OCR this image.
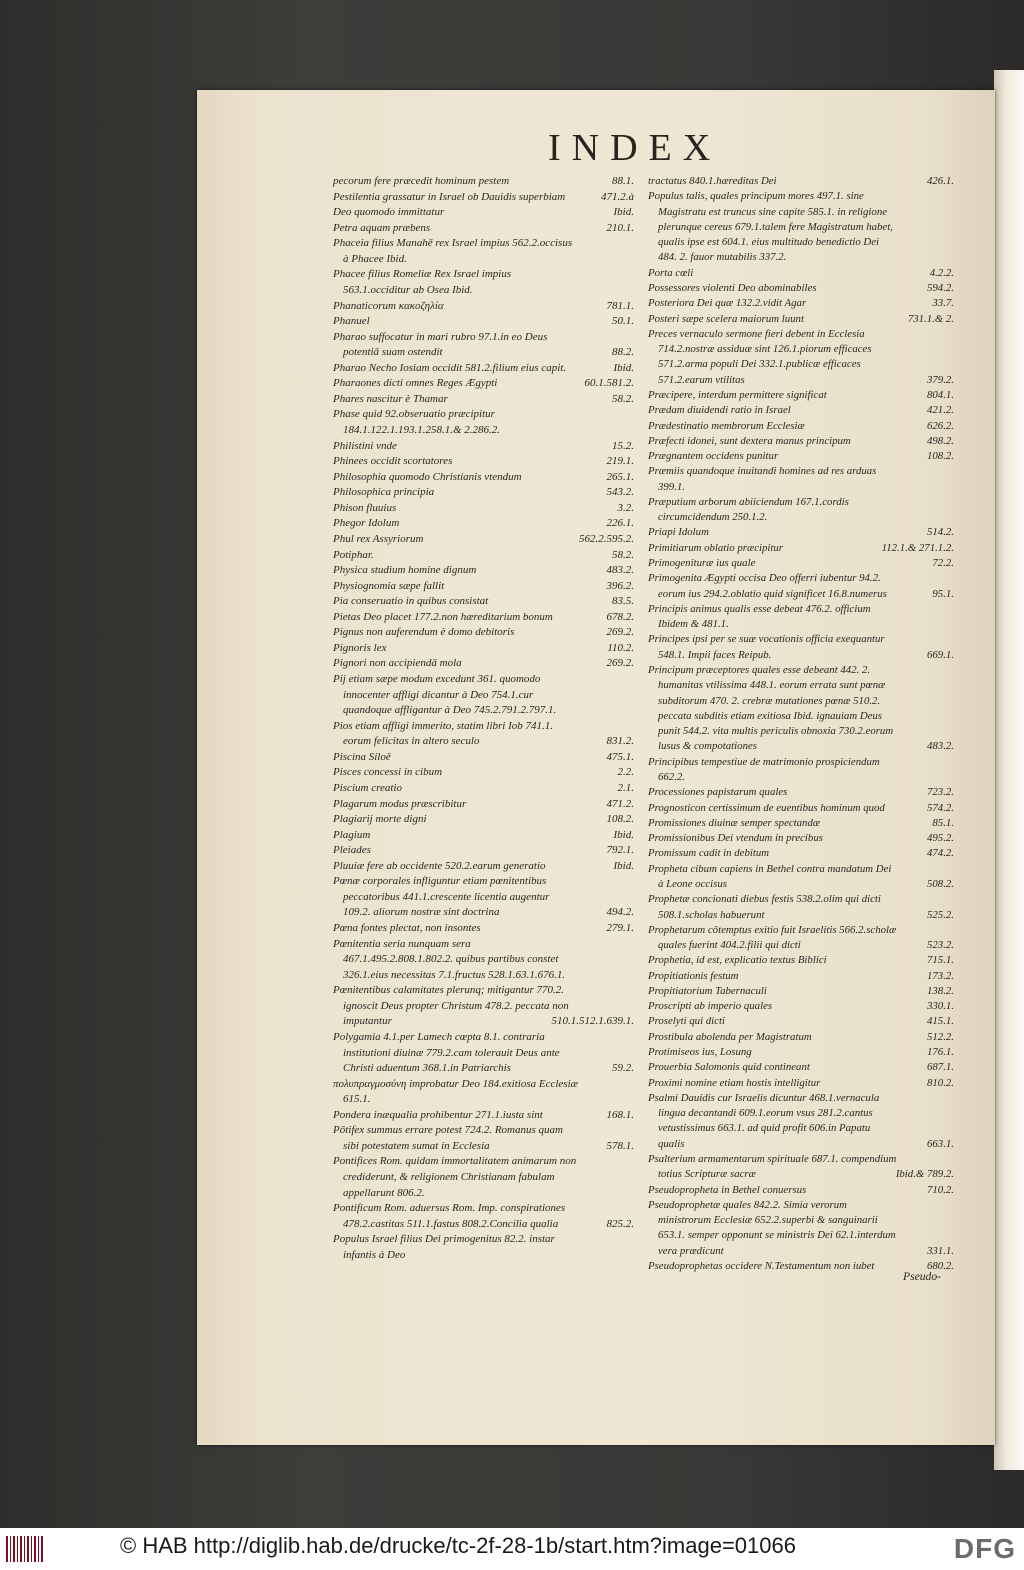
INDEX

pecorum fere præcedit hominum pestem	88.1.

Pestilentia grassatur in Israel ob Dauidis superbiam	471.2.à

Deo quomodo immittatur	Ibid.

Petra aquam præbens	210.1.

Phaceia filius Manahē rex Israel impius 562.2.occisus à Phacee Ibid.

Phacee filius Romeliæ Rex Israel impius 563.1.occiditur ab Osea Ibid.

Phanaticorum κακοζηλία	781.1.

Phanuel	50.1.

Pharao suffocatur in mari rubro 97.1.in eo Deus potentiā suam ostendit	88.2.

Pharao Necho Iosiam occidit 581.2.filium eius capit.	Ibid.

Pharaones dicti omnes Reges Ægypti	60.1.581.2.

Phares nascitur è Thamar	58.2.

Phase quid 92.obseruatio præcipitur 184.1.122.1.193.1.258.1.& 2.286.2.

Philistini vnde	15.2.

Phinees occidit scortatores	219.1.

Philosophia quomodo Christianis vtendum	265.1.

Philosophica principia	543.2.

Phison fluuius	3.2.

Phegor Idolum	226.1.

Phul rex Assyriorum	562.2.595.2.

Potiphar.	58.2.

Physica studium homine dignum	483.2.

Physiognomia sæpe fallit	396.2.

Pia conseruatio in quibus consistat	83.5.

Pietas Deo placet 177.2.non hæreditarium bonum	678.2.

Pignus non auferendum è domo debitoris	269.2.

Pignoris lex	110.2.

Pignori non accipiendā mola	269.2.

Pij etiam sæpe modum excedunt 361. quomodo innocenter affligi dicantur à Deo 754.1.cur quandoque affligantur à Deo 745.2.791.2.797.1.

Pios etiam affligi immerito, statim libri Iob 741.1. eorum felicitas in altero seculo	831.2.

Piscina Siloē	475.1.

Pisces concessi in cibum	2.2.

Piscium creatio	2.1.

Plagarum modus præscribitur	471.2.

Plagiarij morte digni	108.2.

Plagium	Ibid.

Pleiades	792.1.

Pluuiæ fere ab occidente 520.2.earum generatio	Ibid.

Pœnæ corporales infliguntur etiam pœnitentibus peccatoribus 441.1.crescente licentia augentur 109.2. aliorum nostræ sint doctrina	494.2.

Pœna fontes plectat, non insontes	279.1.

Pœnitentia seria nunquam sera 467.1.495.2.808.1.802.2. quibus partibus constet 326.1.eius necessitas 7.1.fructus 528.1.63.1.676.1.

Pœnitentibus calamitates plerunq; mitigantur 770.2. ignoscit Deus propter Christum 478.2. peccata non imputantur	510.1.512.1.639.1.

Polygamia 4.1.per Lamech cœpta 8.1. contraria institutioni diuinæ 779.2.cam tolerauit Deus ante Christi aduentum 368.1.in Patriarchis	59.2.

πολυπραγμοσύνη improbatur Deo 184.exitiosa Ecclesiæ 615.1.

Pondera inæqualia prohibentur 271.1.iusta sint	168.1.

Pōtifex summus errare potest 724.2. Romanus quam sibi potestatem sumat in Ecclesia	578.1.

Pontifices Rom. quidam immortalitatem animarum non crediderunt, & religionem Christianam fabulam appellarunt 806.2.

Pontificum Rom. aduersus Rom. Imp. conspirationes 478.2.castitas 511.1.fastus 808.2.Concilia qualia	825.2.

Populus Israel filius Dei primogenitus 82.2. instar infantis à Deo

tractatus 840.1.hæreditas Dei	426.1.

Populus talis, quales principum mores 497.1. sine Magistratu est truncus sine capite 585.1. in religione plerunque cereus 679.1.talem fere Magistratum habet, qualis ipse est 604.1. eius multitudo benedictio Dei 484. 2. fauor mutabilis 337.2.

Porta cœli	4.2.2.

Possessores violenti Deo abominabiles	594.2.

Posteriora Dei quæ 132.2.vidit Agar	33.7.

Posteri sæpe scelera maiorum luunt	731.1.& 2.

Preces vernaculo sermone fieri debent in Ecclesia 714.2.nostræ assiduæ sint 126.1.piorum efficaces 571.2.arma populi Dei 332.1.publicæ efficaces 571.2.earum vtilitas	379.2.

Præcipere, interdum permittere significat	804.1.

Prædam diuidendi ratio in Israel	421.2.

Prædestinatio membrorum Ecclesiæ	626.2.

Præfecti idonei, sunt dextera manus principum	498.2.

Prægnantem occidens punitur	108.2.

Præmiis quandoque inuitandi homines ad res arduas 399.1.

Præputium arborum abiiciendum 167.1.cordis circumcidendum 250.1.2.

Priapi Idolum	514.2.

Primitiarum oblatio præcipitur	112.1.& 271.1.2.

Primogenituræ ius quale	72.2.

Primogenita Ægypti occisa Deo offerri iubentur 94.2. eorum ius 294.2.oblatio quid significet 16.8.numerus	95.1.

Principis animus qualis esse debeat 476.2. officium Ibidem & 481.1.

Principes ipsi per se suæ vocationis officia exequantur 548.1. Impii faces Reipub.	669.1.

Principum præceptores quales esse debeant 442. 2. humanitas vtilissima 448.1. eorum errata sunt pœnæ subditorum 470. 2. crebræ mutationes pœnæ 510.2. peccata subditis etiam exitiosa Ibid. ignauiam Deus punit 544.2. vita multis periculis obnoxia 730.2.eorum lusus & compotationes	483.2.

Principibus tempestiue de matrimonio prospiciendum 662.2.

Processiones papistarum quales	723.2.

Prognosticon certissimum de euentibus hominum quod	574.2.

Promissiones diuinæ semper spectandæ	85.1.

Promissionibus Dei vtendum in precibus	495.2.

Promissum cadit in debitum	474.2.

Propheta cibum capiens in Bethel contra mandatum Dei à Leone occisus	508.2.

Prophetæ concionati diebus festis 538.2.olim qui dicti 508.1.scholas habuerunt	525.2.

Prophetarum cōtemptus exitio fuit Israelitis 566.2.scholæ quales fuerint 404.2.filii qui dicti	523.2.

Prophetia, id est, explicatio textus Biblici	715.1.

Propitiationis festum	173.2.

Propitiatorium Tabernaculi	138.2.

Proscripti ab imperio quales	330.1.

Proselyti qui dicti	415.1.

Prostibula abolenda per Magistratum	512.2.

Protimiseos ius, Losung	176.1.

Prouerbia Salomonis quid contineant	687.1.

Proximi nomine etiam hostis intelligitur	810.2.

Psalmi Dauidis cur Israelis dicuntur 468.1.vernacula lingua decantandi 609.1.eorum vsus 281.2.cantus vetustissimus 663.1. ad quid profit 606.in Papatu qualis	663.1.

Psalterium armamentarum spirituale 687.1. compendium totius Scripturæ sacræ	Ibid.& 789.2.

Pseudopropheta in Bethel conuersus	710.2.

Pseudoprophetæ quales 842.2. Simia verorum ministrorum Ecclesiæ 652.2.superbi & sanguinarii 653.1. semper opponunt se ministris Dei 62.1.interdum vera prædicunt	331.1.

Pseudoprophetas occidere N.Testamentum non iubet	680.2.

Pseudo-
© HAB http://diglib.hab.de/drucke/tc-2f-28-1b/start.htm?image=01066	DFG
